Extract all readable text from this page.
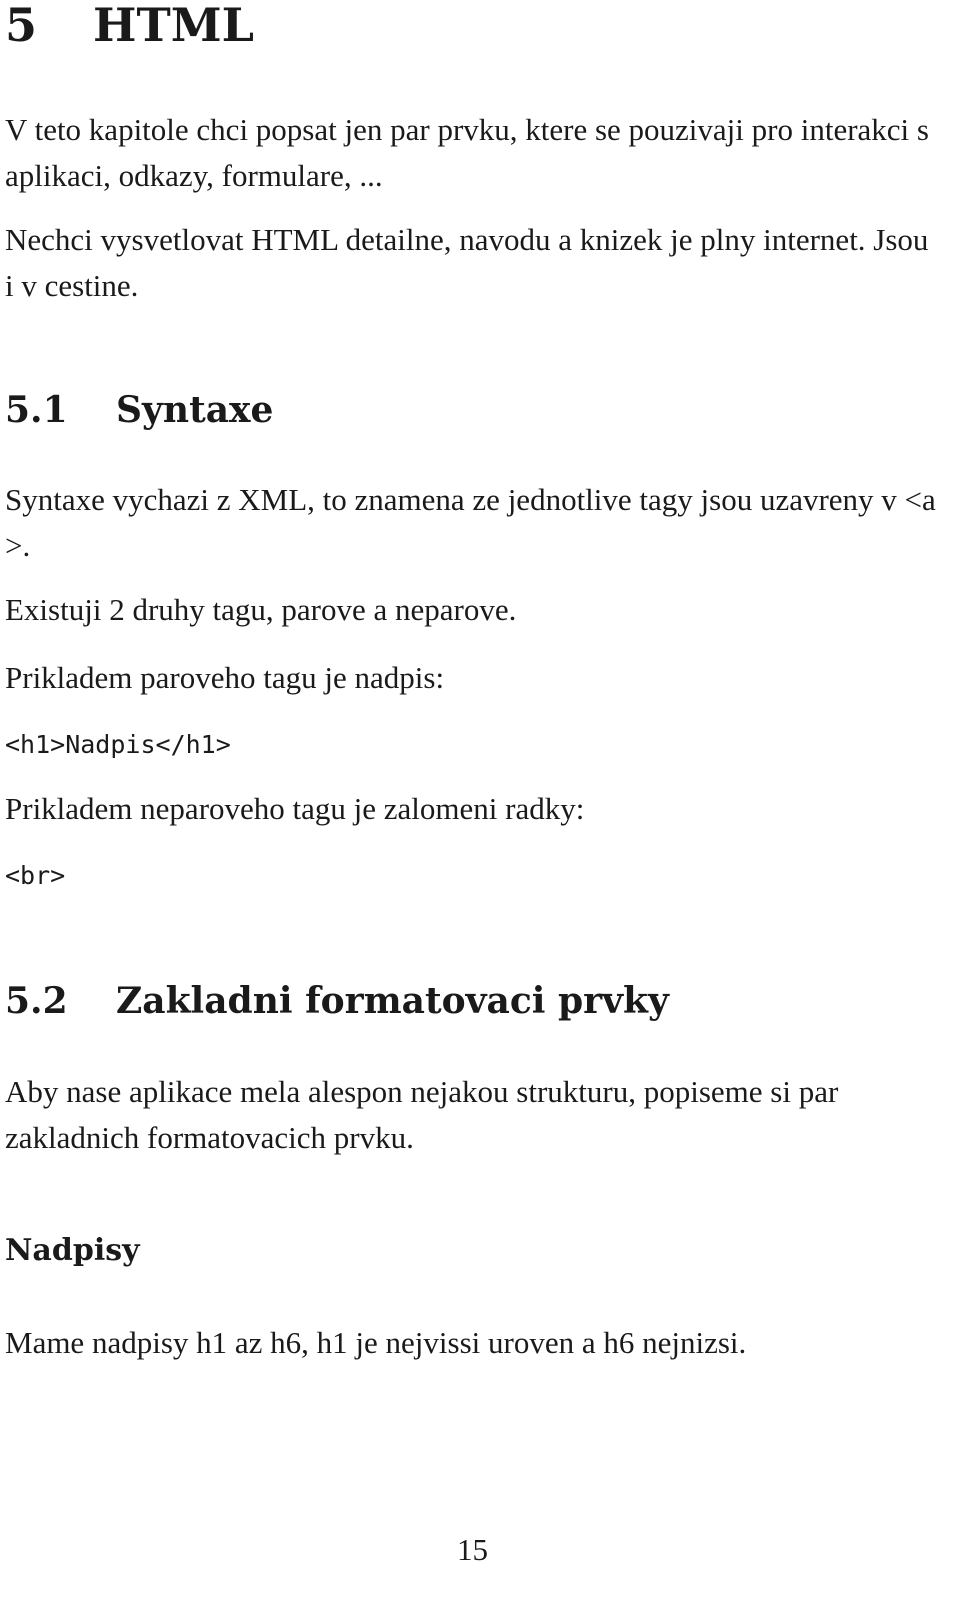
5 HTML

V teto kapitole chci popsat jen par prvku, ktere se pouzivaji pro interakci s aplikaci, odkazy, formulare, ...

Nechci vysvetlovat HTML detailne, navodu a knizek je plny internet. Jsou i v cestine.

5.1 Syntaxe

Syntaxe vychazi z XML, to znamena ze jednotlive tagy jsou uzavreny v <a >.

Existuji 2 druhy tagu, parove a neparove.

Prikladem paroveho tagu je nadpis:

<h1>Nadpis</h1>

Prikladem neparoveho tagu je zalomeni radky:

<br>
5.2 Zakladni formatovaci prvky

Aby nase aplikace mela alespon nejakou strukturu, popiseme si par zakladnich formatovacich prvku.

Nadpisy

Mame nadpisy h1 az h6, h1 je nejvissi uroven a h6 nejnizsi.

15
